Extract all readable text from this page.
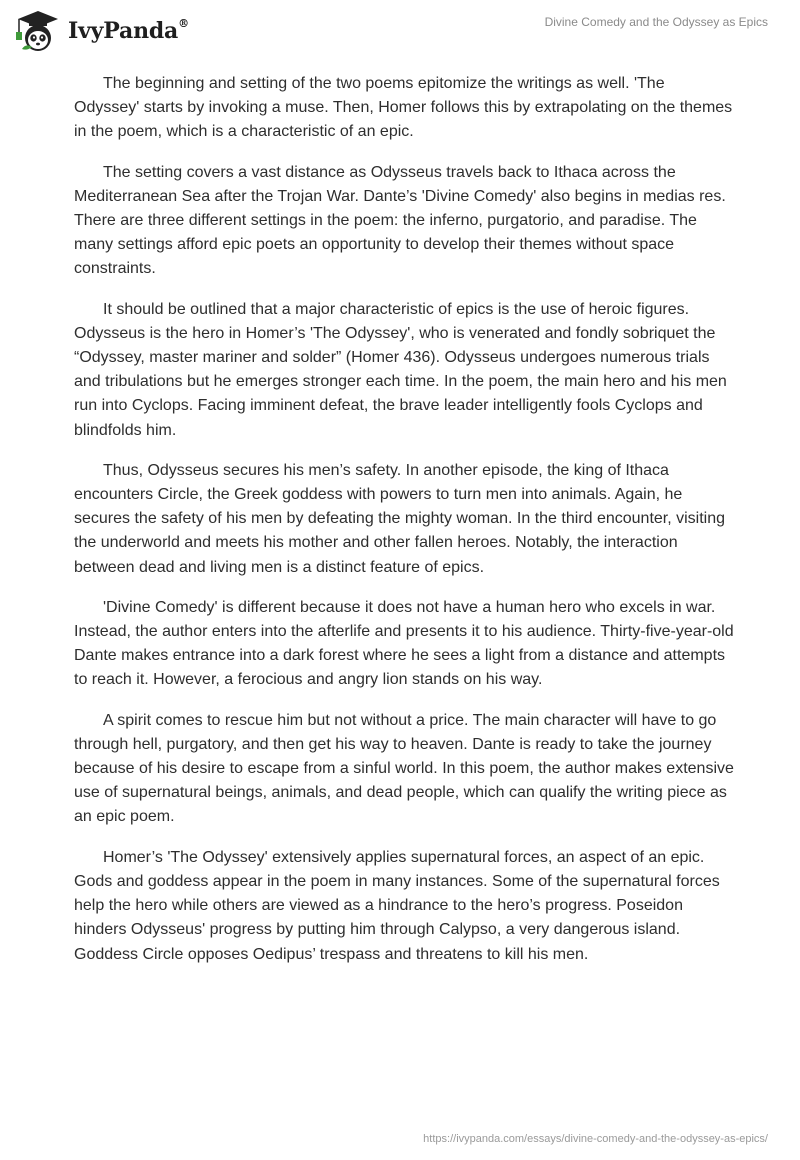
IvyPanda®	Divine Comedy and the Odyssey as Epics

The beginning and setting of the two poems epitomize the writings as well. 'The Odyssey' starts by invoking a muse. Then, Homer follows this by extrapolating on the themes in the poem, which is a characteristic of an epic.

The setting covers a vast distance as Odysseus travels back to Ithaca across the Mediterranean Sea after the Trojan War. Dante’s 'Divine Comedy' also begins in medias res. There are three different settings in the poem: the inferno, purgatorio, and paradise. The many settings afford epic poets an opportunity to develop their themes without space constraints.

It should be outlined that a major characteristic of epics is the use of heroic figures. Odysseus is the hero in Homer’s 'The Odyssey', who is venerated and fondly sobriquet the “Odyssey, master mariner and solder” (Homer 436). Odysseus undergoes numerous trials and tribulations but he emerges stronger each time. In the poem, the main hero and his men run into Cyclops. Facing imminent defeat, the brave leader intelligently fools Cyclops and blindfolds him.

Thus, Odysseus secures his men’s safety. In another episode, the king of Ithaca encounters Circle, the Greek goddess with powers to turn men into animals. Again, he secures the safety of his men by defeating the mighty woman. In the third encounter, visiting the underworld and meets his mother and other fallen heroes. Notably, the interaction between dead and living men is a distinct feature of epics.

'Divine Comedy' is different because it does not have a human hero who excels in war. Instead, the author enters into the afterlife and presents it to his audience. Thirty-five-year-old Dante makes entrance into a dark forest where he sees a light from a distance and attempts to reach it. However, a ferocious and angry lion stands on his way.

A spirit comes to rescue him but not without a price. The main character will have to go through hell, purgatory, and then get his way to heaven. Dante is ready to take the journey because of his desire to escape from a sinful world. In this poem, the author makes extensive use of supernatural beings, animals, and dead people, which can qualify the writing piece as an epic poem.

Homer’s 'The Odyssey' extensively applies supernatural forces, an aspect of an epic. Gods and goddess appear in the poem in many instances. Some of the supernatural forces help the hero while others are viewed as a hindrance to the hero’s progress. Poseidon hinders Odysseus' progress by putting him through Calypso, a very dangerous island. Goddess Circle opposes Oedipus’ trespass and threatens to kill his men.

https://ivypanda.com/essays/divine-comedy-and-the-odyssey-as-epics/
